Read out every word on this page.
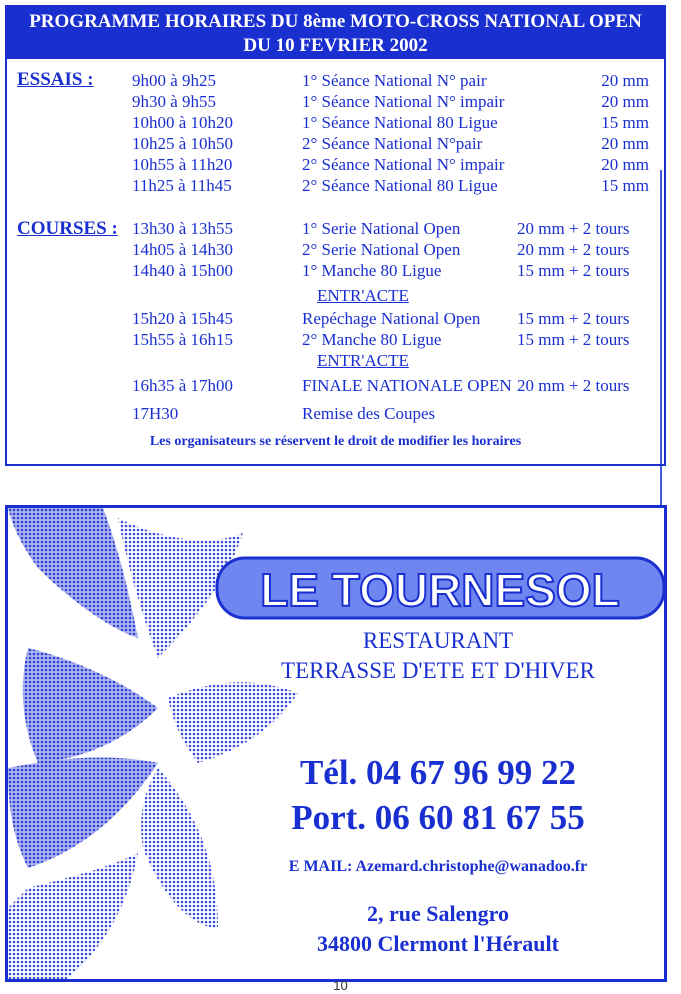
PROGRAMME HORAIRES DU 8ème MOTO-CROSS NATIONAL OPEN
DU 10 FEVRIER 2002
ESSAIS : 9h00 à 9h25	1° Séance National N° pair	20 mm
9h30 à 9h55	1° Séance National N° impair	20 mm
10h00 à 10h20	1° Séance National 80 Ligue	15 mm
10h25 à 10h50	2° Séance National N°pair	20 mm
10h55 à 11h20	2° Séance National N° impair	20 mm
11h25 à 11h45	2° Séance National 80 Ligue	15 mm
COURSES : 13h30 à 13h55	1° Serie National Open	20 mm + 2 tours
14h05 à 14h30	2° Serie National Open	20 mm + 2 tours
14h40 à 15h00	1° Manche 80 Ligue	15 mm + 2 tours
ENTR'ACTE
15h20 à 15h45	Repéchage National Open 15 mm + 2 tours
15h55 à 16h15	2° Manche 80 Ligue	15 mm + 2 tours
ENTR'ACTE
16h35 à 17h00	FINALE NATIONALE OPEN 20 mm + 2 tours
17H30	Remise des Coupes
Les organisateurs se réservent le droit de modifier les horaires
LE TOURNESOL
RESTAURANT
TERRASSE D'ETE ET D'HIVER
Tél. 04 67 96 99 22
Port. 06 60 81 67 55
E MAIL: Azemard.christophe@wanadoo.fr
2, rue Salengro
34800 Clermont l'Hérault
10
